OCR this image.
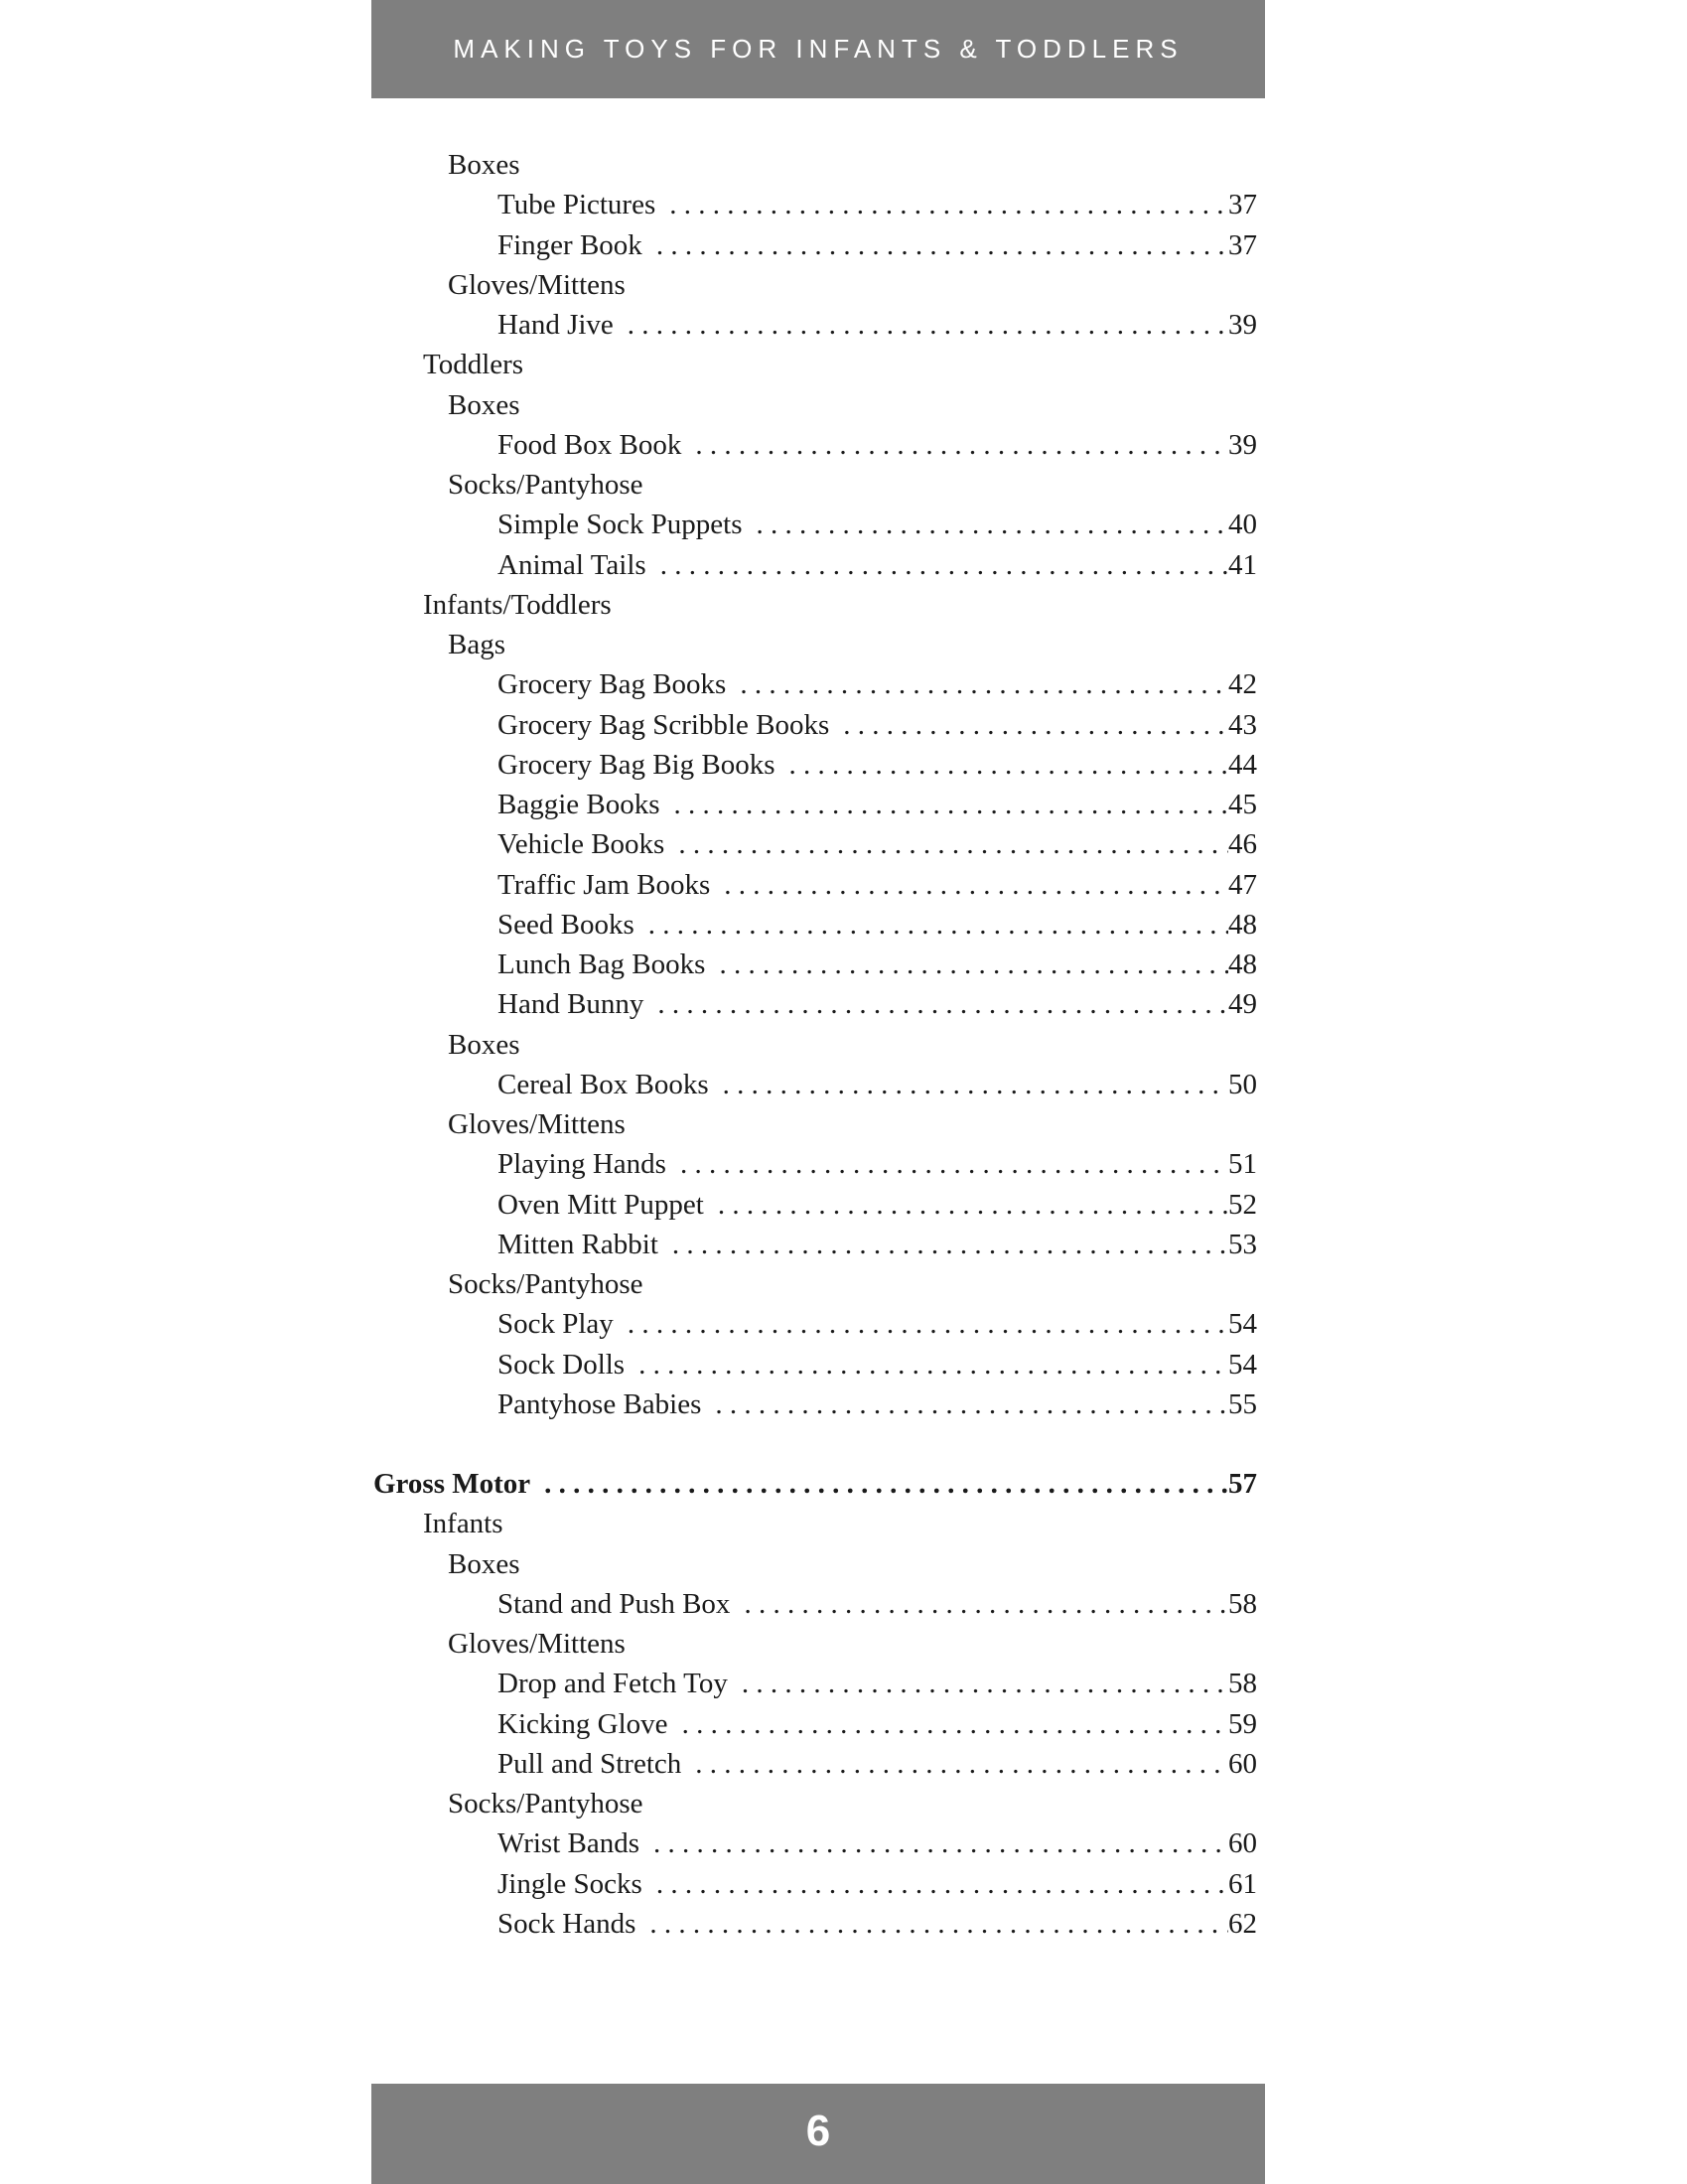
MAKING TOYS FOR INFANTS & TODDLERS
Boxes
Tube Pictures . . .	37
Finger Book . . .	37
Gloves/Mittens
Hand Jive . . .	39
Toddlers
Boxes
Food Box Book . . .	39
Socks/Pantyhose
Simple Sock Puppets . . .	40
Animal Tails . . .	41
Infants/Toddlers
Bags
Grocery Bag Books . . .	42
Grocery Bag Scribble Books . . .	43
Grocery Bag Big Books . . .	44
Baggie Books . . .	45
Vehicle Books . . .	46
Traffic Jam Books . . .	47
Seed Books . . .	48
Lunch Bag Books . . .	48
Hand Bunny . . .	49
Boxes
Cereal Box Books . . .	50
Gloves/Mittens
Playing Hands . . .	51
Oven Mitt Puppet . . .	52
Mitten Rabbit . . .	53
Socks/Pantyhose
Sock Play . . .	54
Sock Dolls . . .	54
Pantyhose Babies . . .	55
Gross Motor . . .	57
Infants
Boxes
Stand and Push Box . . .	58
Gloves/Mittens
Drop and Fetch Toy . . .	58
Kicking Glove . . .	59
Pull and Stretch . . .	60
Socks/Pantyhose
Wrist Bands . . .	60
Jingle Socks . . .	61
Sock Hands . . .	62
6
